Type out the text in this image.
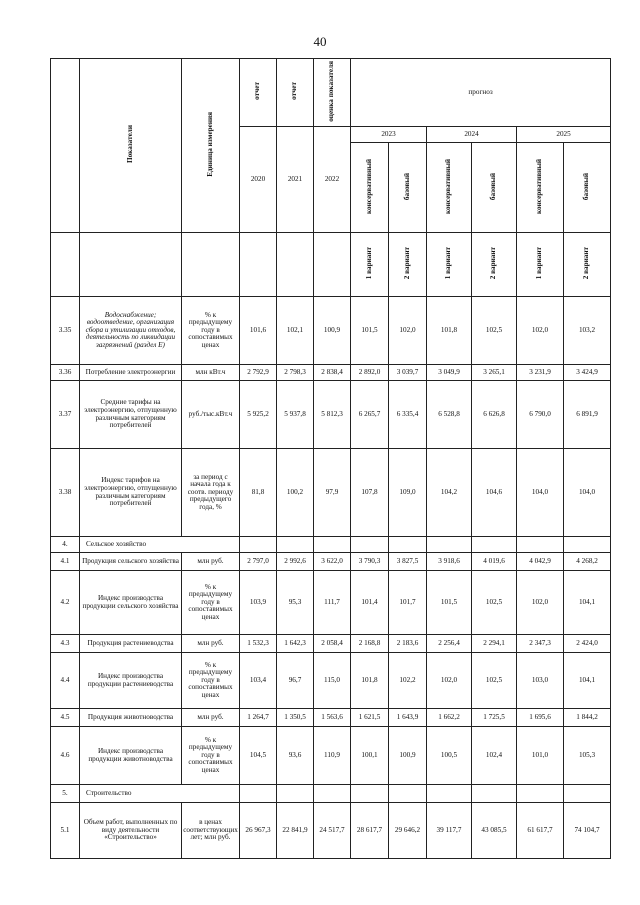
40
	Показатели	Единица измерения	отчет	отчет	оценка показателя	прогноз					
			2020	2021	2022	2023		2024		2025	
						консервативный	базовый	консервативный	базовый	консервативный	базовый
						1 вариант	2 вариант	1 вариант	2 вариант	1 вариант	2 вариант
3.35	Водоснабжение; водоотведение, организация сбора и утилизации отходов, деятельность по ликвидации загрязнений (раздел Е)	% к предыдущему году в сопоставимых ценах	101,6	102,1	100,9	101,5	102,0	101,8	102,5	102,0	103,2
3.36	Потребление электроэнергии	млн кВт.ч	2 792,9	2 798,3	2 838,4	2 892,0	3 039,7	3 049,9	3 265,1	3 231,9	3 424,9
3.37	Средние тарифы на электроэнергию, отпущенную различным категориям потребителей	руб./тыс.кВт.ч	5 925,2	5 937,8	5 812,3	6 265,7	6 335,4	6 528,8	6 626,8	6 790,0	6 891,9
3.38	Индекс тарифов на электроэнергию, отпущенную различным категориям потребителей	за период с начала года к соотв. периоду предыдущего года, %	81,8	100,2	97,9	107,8	109,0	104,2	104,6	104,0	104,0
4.	Сельское хозяйство										
4.1	Продукция сельского хозяйства	млн руб.	2 797,0	2 992,6	3 622,0	3 790,3	3 827,5	3 918,6	4 019,6	4 042,9	4 268,2
4.2	Индекс производства продукции сельского хозяйства	% к предыдущему году в сопоставимых ценах	103,9	95,3	111,7	101,4	101,7	101,5	102,5	102,0	104,1
4.3	Продукция растениеводства	млн руб.	1 532,3	1 642,3	2 058,4	2 168,8	2 183,6	2 256,4	2 294,1	2 347,3	2 424,0
4.4	Индекс производства продукции растениеводства	% к предыдущему году в сопоставимых ценах	103,4	96,7	115,0	101,8	102,2	102,0	102,5	103,0	104,1
4.5	Продукция животноводства	млн руб.	1 264,7	1 350,5	1 563,6	1 621,5	1 643,9	1 662,2	1 725,5	1 695,6	1 844,2
4.6	Индекс производства продукции животноводства	% к предыдущему году в сопоставимых ценах	104,5	93,6	110,9	100,1	100,9	100,5	102,4	101,0	105,3
5.	Строительство										
5.1	Объем работ, выполненных по виду деятельности «Строительство»	в ценах соответствующих лет; млн руб.	26 967,3	22 841,9	24 517,7	28 617,7	29 646,2	39 117,7	43 085,5	61 617,7	74 104,7
